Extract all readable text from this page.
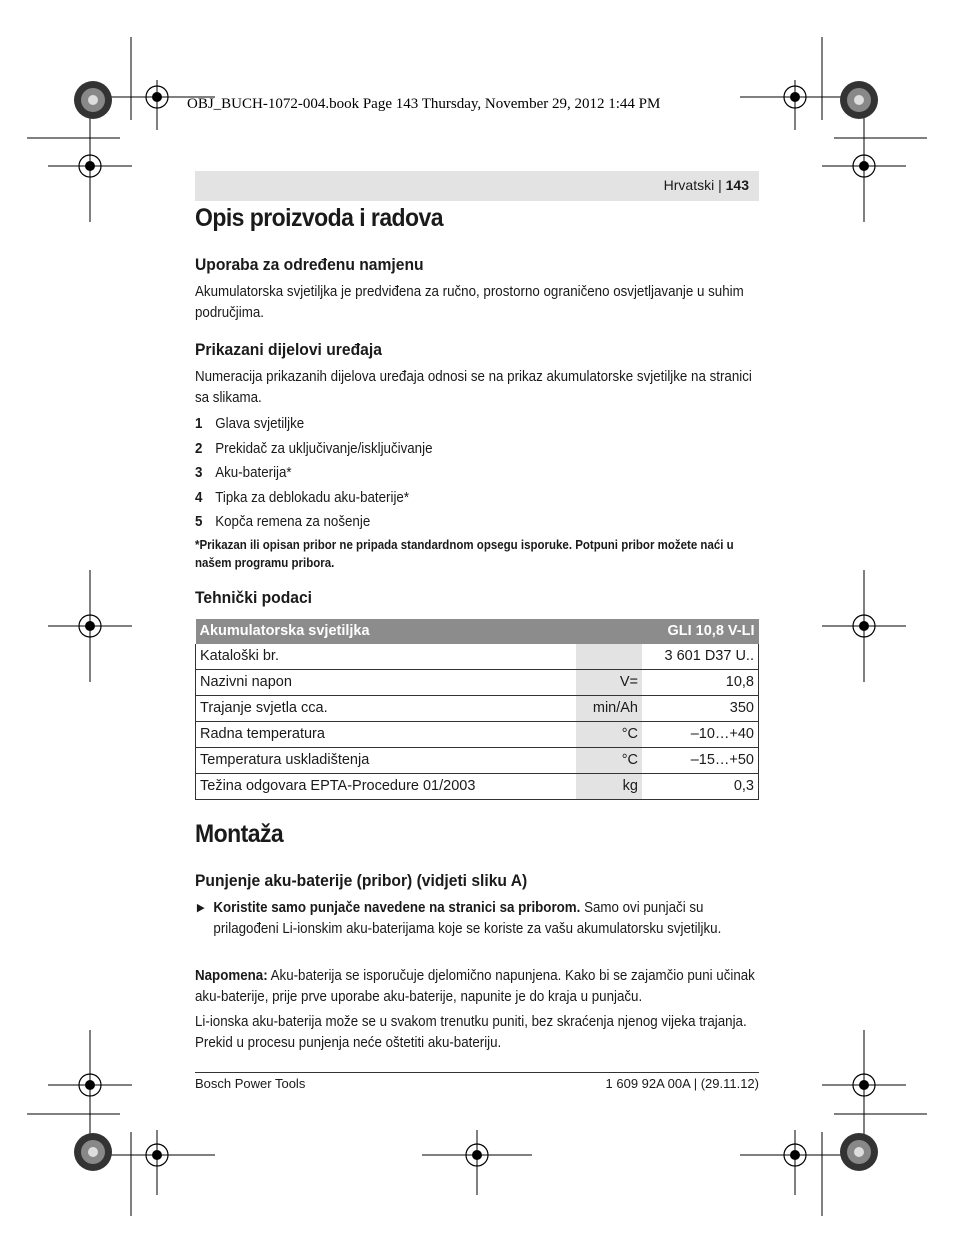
OBJ_BUCH-1072-004.book Page 143 Thursday, November 29, 2012 1:44 PM
Hrvatski | 143
Opis proizvoda i radova
Uporaba za određenu namjenu

Akumulatorska svjetiljka je predviđena za ručno, prostorno ograničeno osvjetljavanje u suhim područjima.

Prikazani dijelovi uređaja

Numeracija prikazanih dijelova uređaja odnosi se na prikaz akumulatorske svjetiljke na stranici sa slikama.

1 Glava svjetiljke
2 Prekidač za uključivanje/isključivanje
3 Aku-baterija*
4 Tipka za deblokadu aku-baterije*
5 Kopča remena za nošenje
*Prikazan ili opisan pribor ne pripada standardnom opsegu isporuke. Potpuni pribor možete naći u našem programu pribora.
Tehnički podaci
Akumulatorska svjetiljka		GLI 10,8 V-LI
Kataloški br.		3 601 D37 U..
Nazivni napon	V=	10,8
Trajanje svjetla cca.	min/Ah	350
Radna temperatura	°C	–10…+40
Temperatura uskladištenja	°C	–15…+50
Težina odgovara EPTA-Procedure 01/2003	kg	0,3
Montaža
Punjenje aku-baterije (pribor) (vidjeti sliku A)
▶ Koristite samo punjače navedene na stranici sa priborom. Samo ovi punjači su prilagođeni Li-ionskim aku-baterijama koje se koriste za vašu akumulatorsku svjetiljku.
Napomena: Aku-baterija se isporučuje djelomično napunjena. Kako bi se zajamčio puni učinak aku-baterije, prije prve uporabe aku-baterije, napunite je do kraja u punjaču.

Li-ionska aku-baterija može se u svakom trenutku puniti, bez skraćenja njenog vijeka trajanja. Prekid u procesu punjenja neće oštetiti aku-bateriju.

Bosch Power Tools	1 609 92A 00A | (29.11.12)
